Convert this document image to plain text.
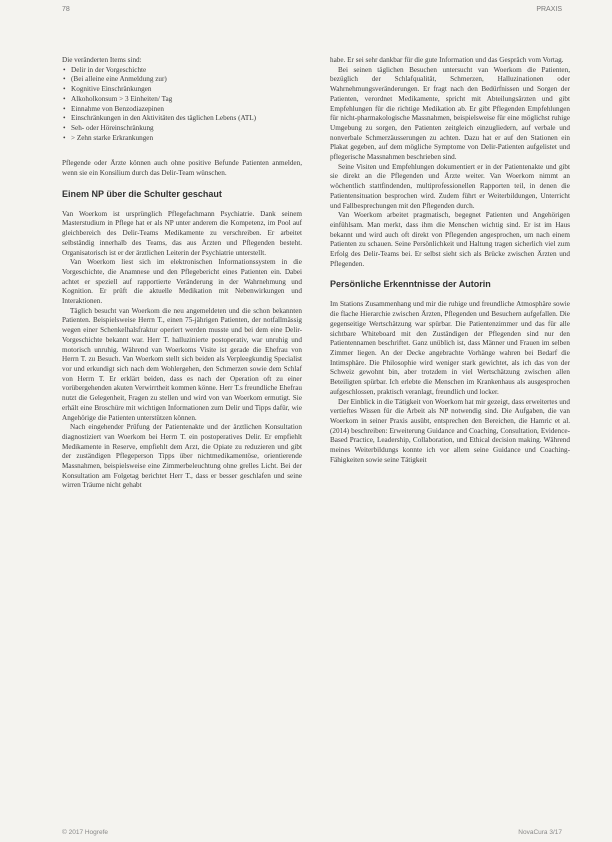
78	PRAXIS

Die veränderten Items sind:

• Delir in der Vorgeschichte
• (Bei alleine eine Anmeldung zur)
• Kognitive Einschränkungen
• Alkoholkonsum > 3 Einheiten/ Tag
• Einnahme von Benzodiazepinen
• Einschränkungen in den Aktivitäten des täglichen Lebens (ATL)
• Seh- oder Höreinschränkung
• > Zehn starke Erkrankungen

Pflegende oder Ärzte können auch ohne positive Befunde Patienten anmelden, wenn sie ein Konsilium durch das Delir-Team wünschen.

Einem NP über die Schulter geschaut

Van Woerkom ist ursprünglich Pflegefachmann Psychiatrie. Dank seinem Masterstudium in Pflege hat er als NP unter anderem die Kompetenz, im Pool auf gleichbereich des Delir-Teams Medikamente zu verschreiben. Er arbeitet selbständig innerhalb des Teams, das aus Ärzten und Pflegenden besteht. Organisatorisch ist er der ärztlichen Leiterin der Psychiatrie unterstellt.

Van Woerkom liest sich im elektronischen Informationssystem in die Vorgeschichte, die Anamnese und den Pflegebericht eines Patienten ein. Dabei achtet er speziell auf rapportierte Veränderung in der Wahrnehmung und Kognition. Er prüft die aktuelle Medikation mit Nebenwirkungen und Interaktionen.

Täglich besucht van Woerkom die neu angemeldeten und die schon bekannten Patienten. Beispielsweise Herrn T., einen 75-jährigen Patienten, der notfallmässig wegen einer Schenkelhalsfraktur operiert werden musste und bei dem eine Delir-Vorgeschichte bekannt war. Herr T. halluzinierte postoperativ, war unruhig und motorisch unruhig. Während van Woerkoms Visite ist gerade die Ehefrau von Herrn T. zu Besuch. Van Woerkom stellt sich beiden als Verpleegkundig Specialist vor und erkundigt sich nach dem Wohlergehen, den Schmerzen sowie dem Schlaf von Herrn T. Er erklärt beiden, dass es nach der Operation oft zu einer vorübergehenden akuten Verwirrtheit kommen könne. Herr T.s freundliche Ehefrau nutzt die Gelegenheit, Fragen zu stellen und wird von van Woerkom ermutigt. Sie erhält eine Broschüre mit wichtigen Informationen zum Delir und Tipps dafür, wie Angehörige die Patienten unterstützen können.

Nach eingehender Prüfung der Patientenakte und der ärztlichen Konsultation diagnostiziert van Woerkom bei Herrn T. ein postoperatives Delir. Er empfiehlt Medikamente in Reserve, empfiehlt dem Arzt, die Opiate zu reduzieren und gibt der zuständigen Pflegeperson Tipps über nichtmedikamentöse, orientierende Massnahmen, beispielsweise eine Zimmerbeleuchtung ohne grelles Licht. Bei der Konsultation am Folgetag berichtet Herr T., dass er besser geschlafen und seine wirren Träume nicht gehabt

habe. Er sei sehr dankbar für die gute Information und das Gespräch vom Vortag.

Bei seinen täglichen Besuchen untersucht van Woerkom die Patienten, bezüglich der Schlafqualität, Schmerzen, Halluzinationen oder Wahrnehmungsveränderungen. Er fragt nach den Bedürfnissen und Sorgen der Patienten, verordnet Medikamente, spricht mit Abteilungsärzten und gibt Empfehlungen für die richtige Medikation ab. Er gibt Pflegenden Empfehlungen für nicht-pharmakologische Massnahmen, beispielsweise für eine möglichst ruhige Umgebung zu sorgen, den Patienten zeitgleich einzugliedern, auf verbale und nonverbale Schmerzäusserungen zu achten. Dazu hat er auf den Stationen ein Plakat gegeben, auf dem mögliche Symptome von Delir-Patienten aufgelistet und pflegerische Massnahmen beschrieben sind.

Seine Visiten und Empfehlungen dokumentiert er in der Patientenakte und gibt sie direkt an die Pflegenden und Ärzte weiter. Van Woerkom nimmt an wöchentlich stattfindenden, multiprofessionellen Rapporten teil, in denen die Patientensituation besprochen wird. Zudem führt er Weiterbildungen, Unterricht und Fallbesprechungen mit den Pflegenden durch.

Van Woerkom arbeitet pragmatisch, begegnet Patienten und Angehörigen einfühlsam. Man merkt, dass ihm die Menschen wichtig sind. Er ist im Haus bekannt und wird auch oft direkt von Pflegenden angesprochen, um nach einem Patienten zu schauen. Seine Persönlichkeit und Haltung tragen sicherlich viel zum Erfolg des Delir-Teams bei. Er selbst sieht sich als Brücke zwischen Ärzten und Pflegenden.

Persönliche Erkenntnisse der Autorin

Im Stations Zusammenhang und mir die ruhige und freundliche Atmosphäre sowie die flache Hierarchie zwischen Ärzten, Pflegenden und Besuchern aufgefallen. Die gegenseitige Wertschätzung war spürbar. Die Patientenzimmer und das für alle sichtbare Whiteboard mit den Zuständigen der Pflegenden sind nur den Patientennamen beschriftet. Ganz unüblich ist, dass Männer und Frauen im selben Zimmer liegen. An der Decke angebrachte Vorhänge wahren bei Bedarf die Intimsphäre. Die Philosophie wird weniger stark gewichtet, als ich das von der Schweiz gewohnt bin, aber trotzdem in viel Wertschätzung zwischen allen Beteiligten spürbar. Ich erlebte die Menschen im Krankenhaus als ausgesprochen aufgeschlossen, praktisch veranlagt, freundlich und locker.

Der Einblick in die Tätigkeit von Woerkom hat mir gezeigt, dass erweitertes und vertieftes Wissen für die Arbeit als NP notwendig sind. Die Aufgaben, die van Woerkom in seiner Praxis ausübt, entsprechen den Bereichen, die Hamric et al. (2014) beschreiben: Erweiterung Guidance and Coaching, Consultation, Evidence-Based Practice, Leadership, Collaboration, und Ethical decision making. Während meines Weiterbildungs konnte ich vor allem seine Guidance und Coaching-Fähigkeiten sowie seine Tätigkeit

© 2017 Hogrefe	NovaCura 3/17
